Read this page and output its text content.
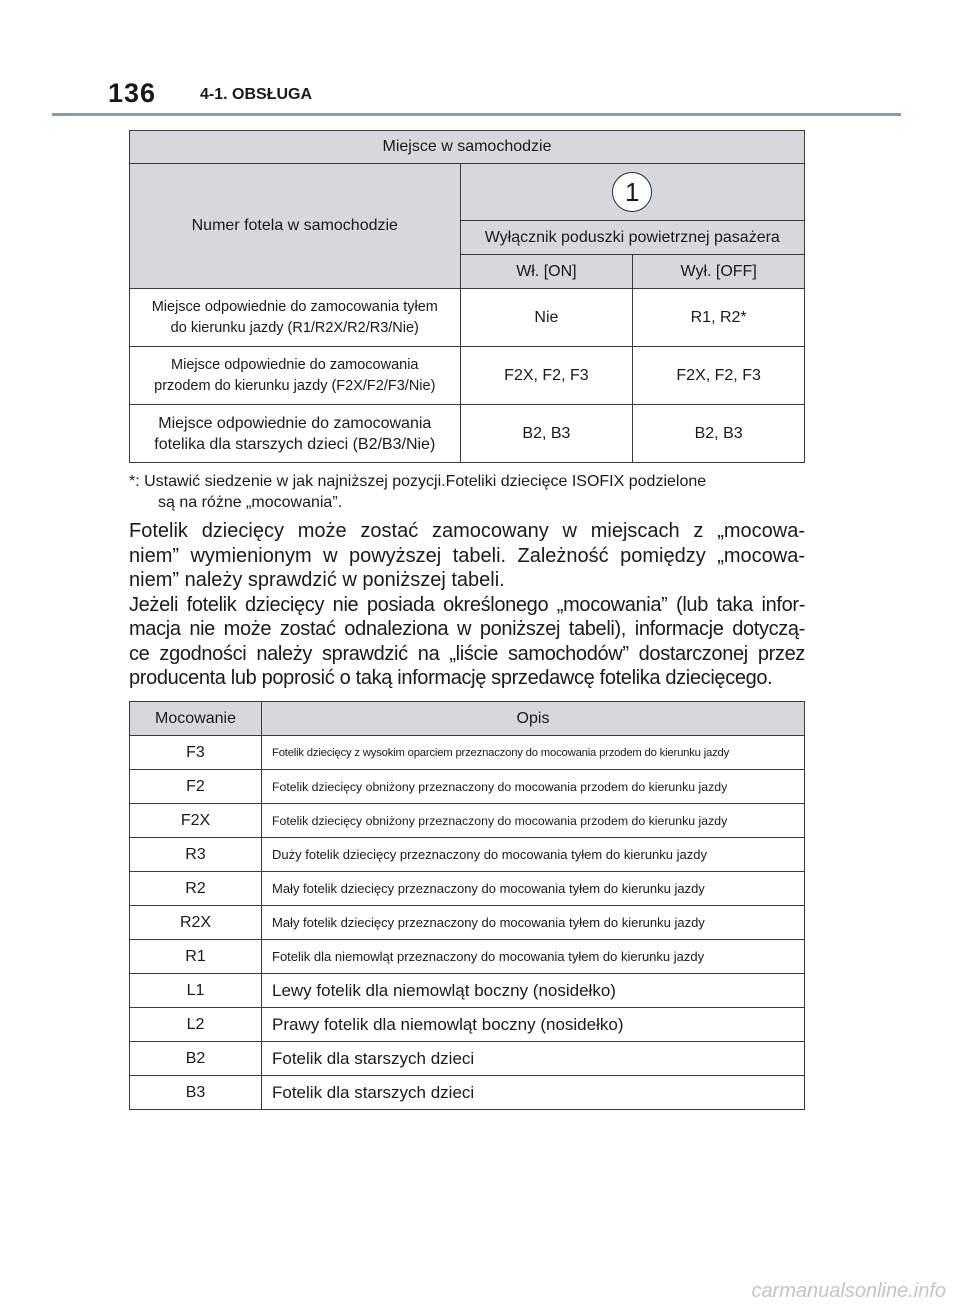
136	4-1. OBSŁUGA
Miejsce w samochodzie		
Numer fotela w samochodzie	1	
	Wyłącznik poduszki powietrznej pasażera	
	Wł. [ON]	Wył. [OFF]
Miejsce odpowiednie do zamocowania tyłem
do kierunku jazdy (R1/R2X/R2/R3/Nie)	Nie	R1, R2*
Miejsce odpowiednie do zamocowania
przodem do kierunku jazdy (F2X/F2/F3/Nie)	F2X, F2, F3	F2X, F2, F3
Miejsce odpowiednie do zamocowania
fotelika dla starszych dzieci (B2/B3/Nie)	B2, B3	B2, B3
*: Ustawić siedzenie w jak najniższej pozycji.Foteliki dziecięce ISOFIX podzielone
są na różne „mocowania”.
Fotelik dziecięcy może zostać zamocowany w miejscach z „mocowa-
niem” wymienionym w powyższej tabeli. Zależność pomiędzy „mocowa-
niem” należy sprawdzić w poniższej tabeli.
Jeżeli fotelik dziecięcy nie posiada określonego „mocowania” (lub taka infor-
macja nie może zostać odnaleziona w poniższej tabeli), informacje dotyczą-
ce zgodności należy sprawdzić na „liście samochodów” dostarczonej przez
producenta lub poprosić o taką informację sprzedawcę fotelika dziecięcego.
Mocowanie	Opis
F3	Fotelik dziecięcy z wysokim oparciem przeznaczony do mocowania przodem do kierunku jazdy
F2	Fotelik dziecięcy obniżony przeznaczony do mocowania przodem do kierunku jazdy
F2X	Fotelik dziecięcy obniżony przeznaczony do mocowania przodem do kierunku jazdy
R3	Duży fotelik dziecięcy przeznaczony do mocowania tyłem do kierunku jazdy
R2	Mały fotelik dziecięcy przeznaczony do mocowania tyłem do kierunku jazdy
R2X	Mały fotelik dziecięcy przeznaczony do mocowania tyłem do kierunku jazdy
R1	Fotelik dla niemowląt przeznaczony do mocowania tyłem do kierunku jazdy
L1	Lewy fotelik dla niemowląt boczny (nosidełko)
L2	Prawy fotelik dla niemowląt boczny (nosidełko)
B2	Fotelik dla starszych dzieci
B3	Fotelik dla starszych dzieci
carmanualsonline.info
